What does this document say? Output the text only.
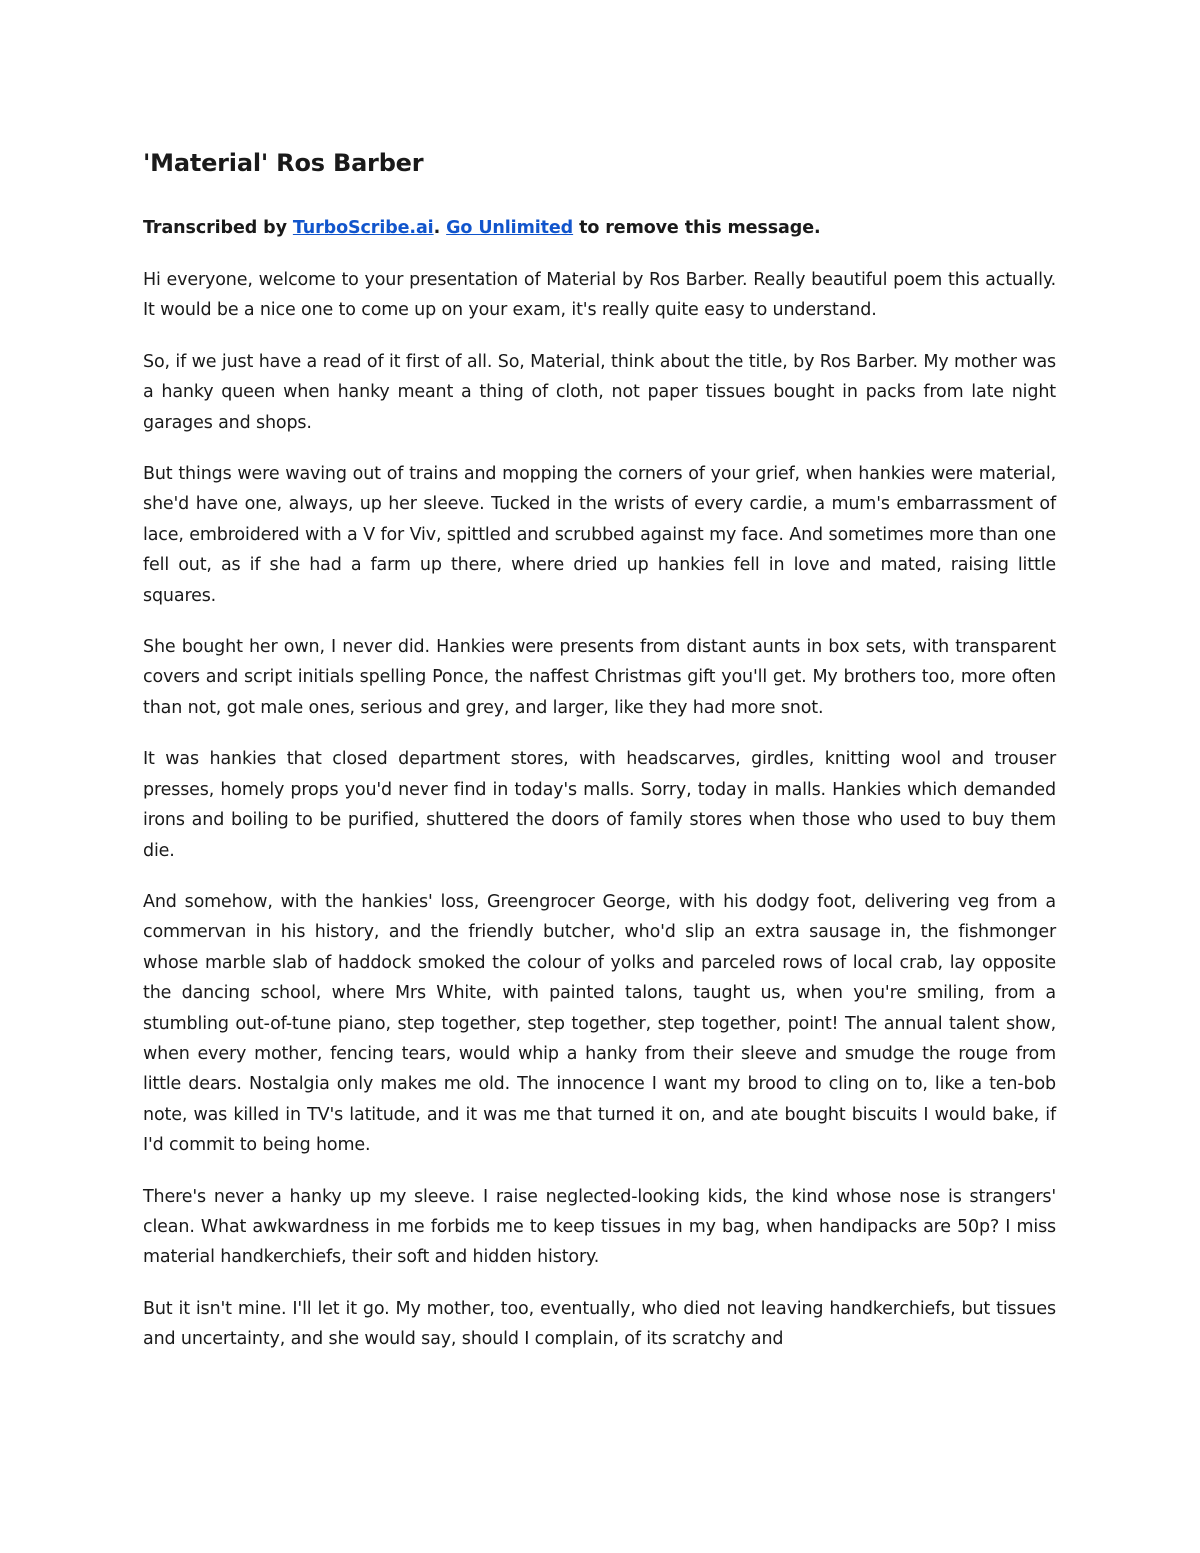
'Material' Ros Barber

Transcribed by TurboScribe.ai. Go Unlimited to remove this message.

Hi everyone, welcome to your presentation of Material by Ros Barber. Really beautiful poem this actually. It would be a nice one to come up on your exam, it's really quite easy to understand.

So, if we just have a read of it first of all. So, Material, think about the title, by Ros Barber. My mother was a hanky queen when hanky meant a thing of cloth, not paper tissues bought in packs from late night garages and shops.

But things were waving out of trains and mopping the corners of your grief, when hankies were material, she'd have one, always, up her sleeve. Tucked in the wrists of every cardie, a mum's embarrassment of lace, embroidered with a V for Viv, spittled and scrubbed against my face. And sometimes more than one fell out, as if she had a farm up there, where dried up hankies fell in love and mated, raising little squares.

She bought her own, I never did. Hankies were presents from distant aunts in box sets, with transparent covers and script initials spelling Ponce, the naffest Christmas gift you'll get. My brothers too, more often than not, got male ones, serious and grey, and larger, like they had more snot.

It was hankies that closed department stores, with headscarves, girdles, knitting wool and trouser presses, homely props you'd never find in today's malls. Sorry, today in malls. Hankies which demanded irons and boiling to be purified, shuttered the doors of family stores when those who used to buy them die.

And somehow, with the hankies' loss, Greengrocer George, with his dodgy foot, delivering veg from a commervan in his history, and the friendly butcher, who'd slip an extra sausage in, the fishmonger whose marble slab of haddock smoked the colour of yolks and parceled rows of local crab, lay opposite the dancing school, where Mrs White, with painted talons, taught us, when you're smiling, from a stumbling out-of-tune piano, step together, step together, step together, point! The annual talent show, when every mother, fencing tears, would whip a hanky from their sleeve and smudge the rouge from little dears. Nostalgia only makes me old. The innocence I want my brood to cling on to, like a ten-bob note, was killed in TV's latitude, and it was me that turned it on, and ate bought biscuits I would bake, if I'd commit to being home.

There's never a hanky up my sleeve. I raise neglected-looking kids, the kind whose nose is strangers' clean. What awkwardness in me forbids me to keep tissues in my bag, when handipacks are 50p? I miss material handkerchiefs, their soft and hidden history.

But it isn't mine. I'll let it go. My mother, too, eventually, who died not leaving handkerchiefs, but tissues and uncertainty, and she would say, should I complain, of its scratchy and
